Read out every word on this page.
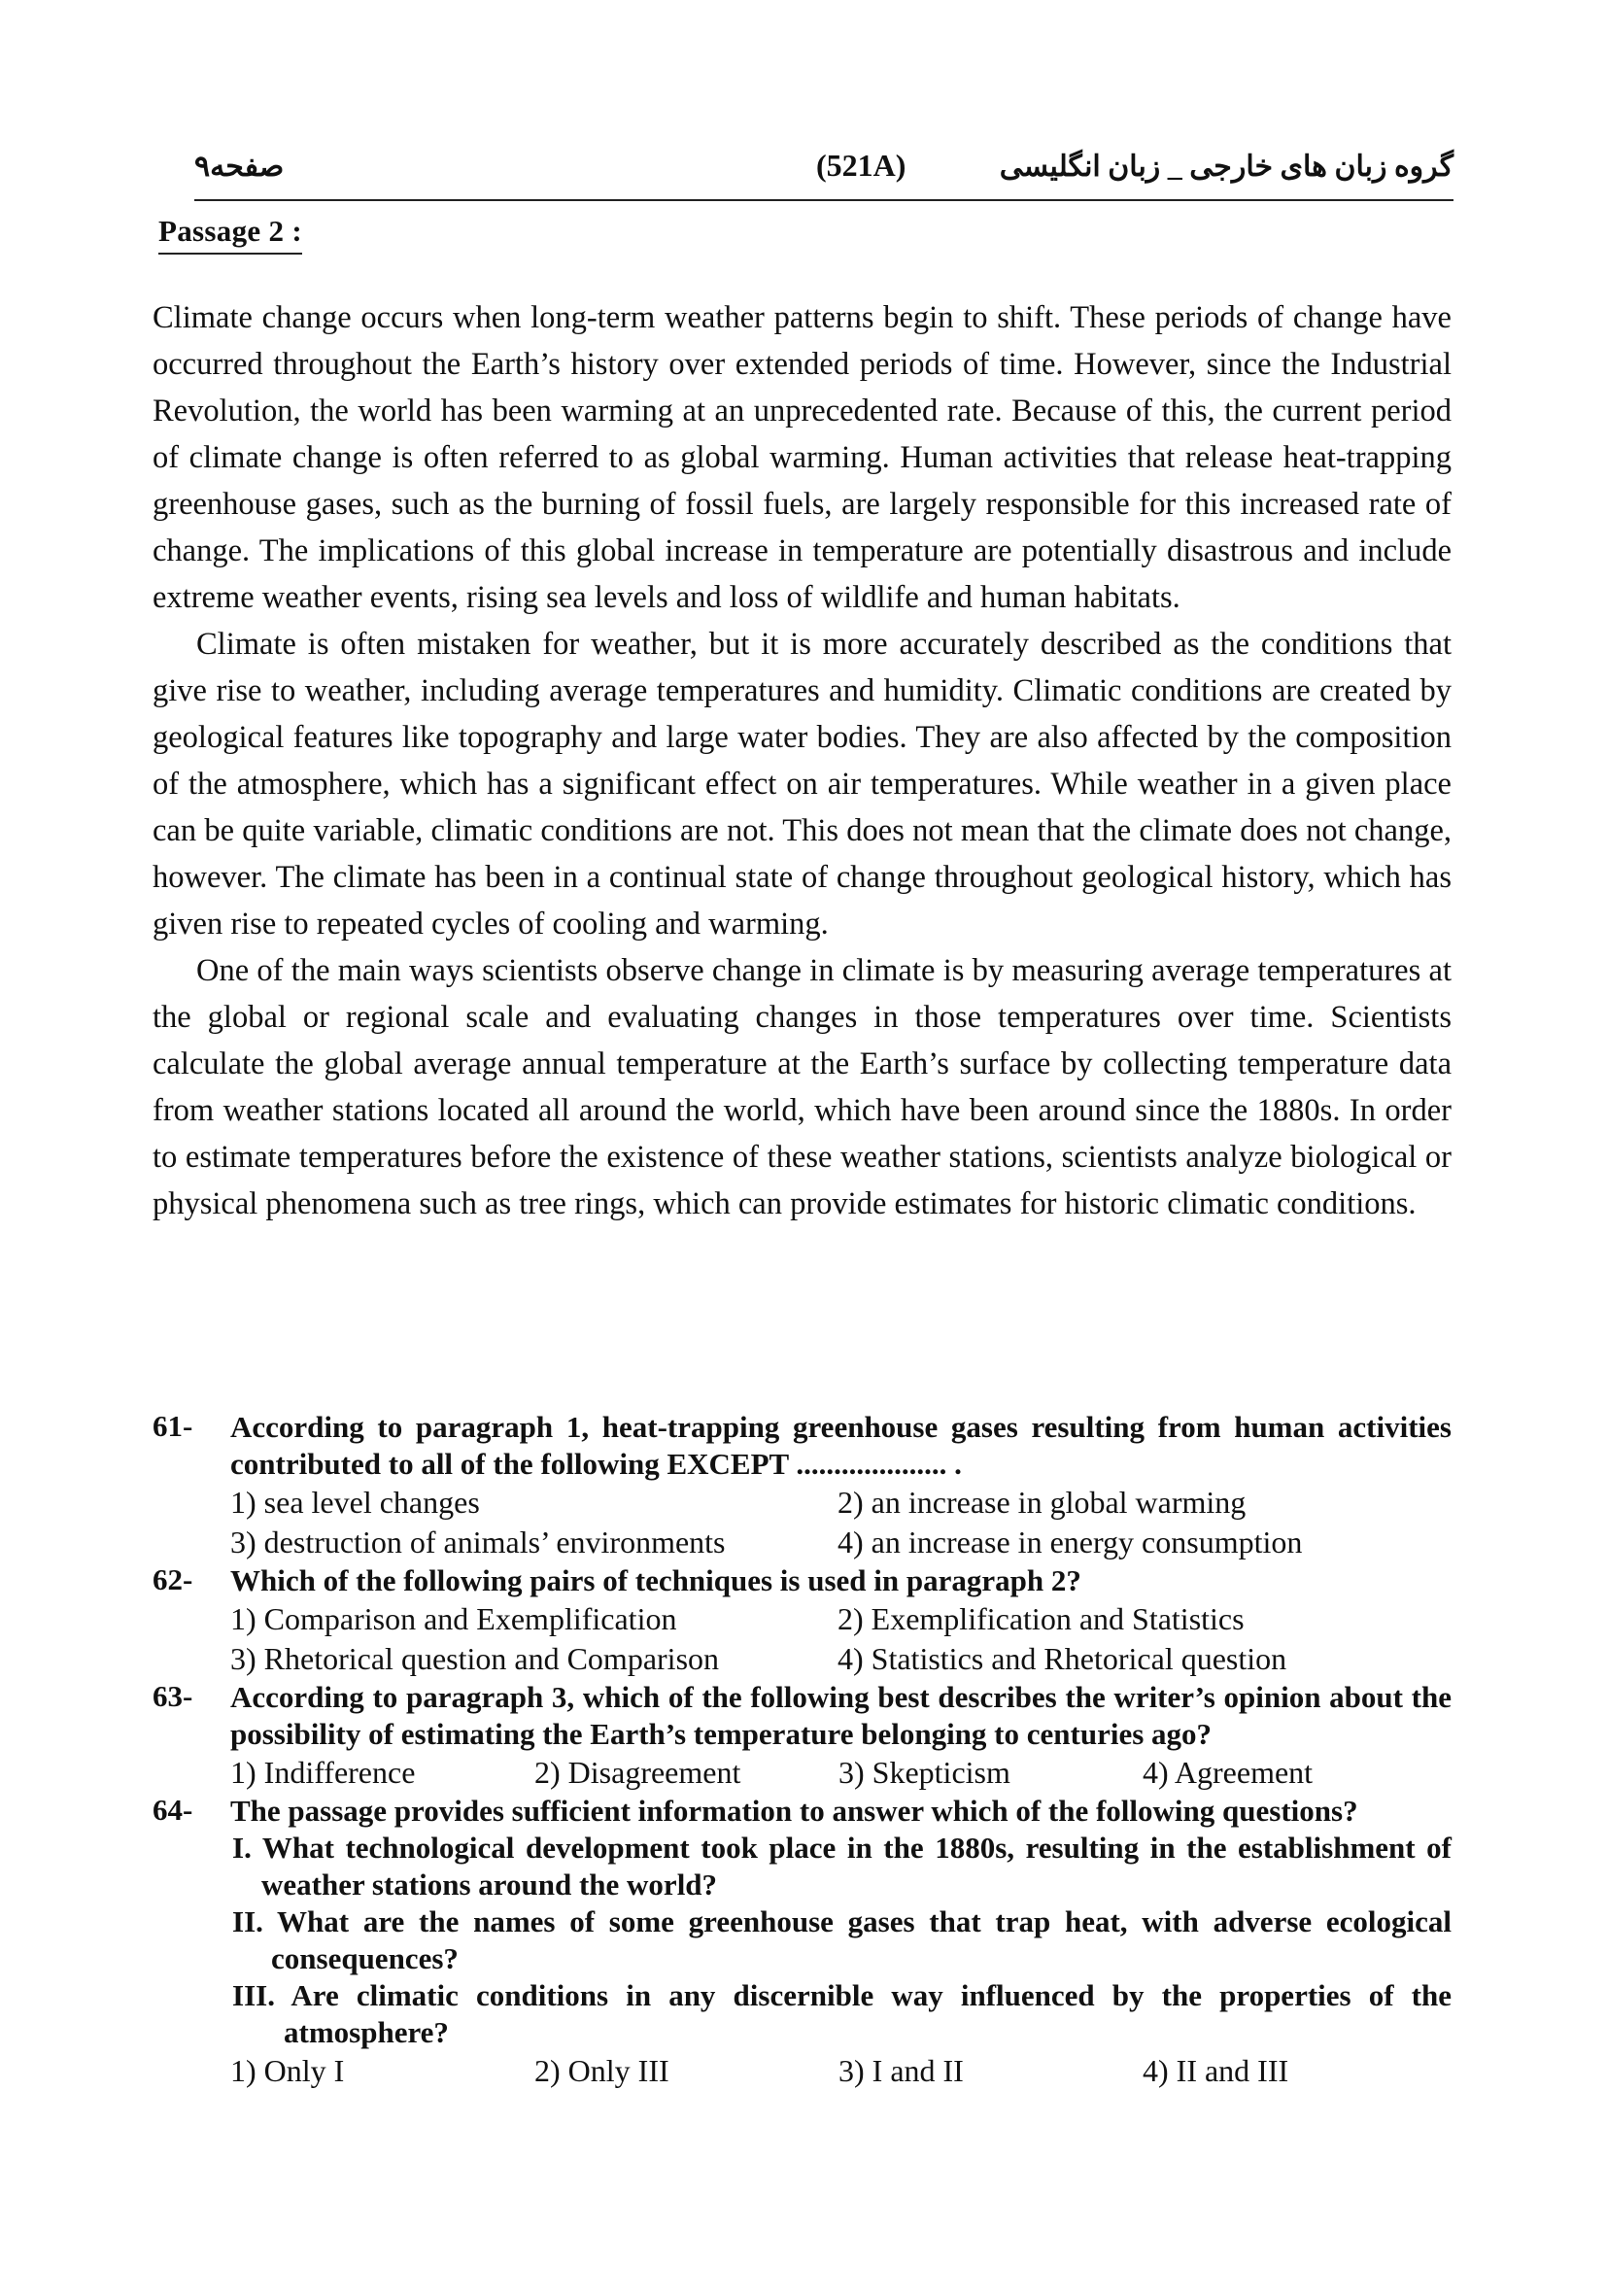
صفحه۹	(521A)	گروه زبان های خارجی _ زبان انگلیسی
Passage 2 :

Climate change occurs when long-term weather patterns begin to shift. These periods of change have occurred throughout the Earth’s history over extended periods of time. However, since the Industrial Revolution, the world has been warming at an unprecedented rate. Because of this, the current period of climate change is often referred to as global warming. Human activities that release heat-trapping greenhouse gases, such as the burning of fossil fuels, are largely responsible for this increased rate of change. The implications of this global increase in temperature are potentially disastrous and include extreme weather events, rising sea levels and loss of wildlife and human habitats.

Climate is often mistaken for weather, but it is more accurately described as the conditions that give rise to weather, including average temperatures and humidity. Climatic conditions are created by geological features like topography and large water bodies. They are also affected by the composition of the atmosphere, which has a significant effect on air temperatures. While weather in a given place can be quite variable, climatic conditions are not. This does not mean that the climate does not change, however. The climate has been in a continual state of change throughout geological history, which has given rise to repeated cycles of cooling and warming.

One of the main ways scientists observe change in climate is by measuring average temperatures at the global or regional scale and evaluating changes in those temperatures over time. Scientists calculate the global average annual temperature at the Earth’s surface by collecting temperature data from weather stations located all around the world, which have been around since the 1880s. In order to estimate temperatures before the existence of these weather stations, scientists analyze biological or physical phenomena such as tree rings, which can provide estimates for historic climatic conditions.

61- According to paragraph 1, heat-trapping greenhouse gases resulting from human activities contributed to all of the following EXCEPT .................... .
1) sea level changes	2) an increase in global warming
3) destruction of animals’ environments	4) an increase in energy consumption
62- Which of the following pairs of techniques is used in paragraph 2?
1) Comparison and Exemplification	2) Exemplification and Statistics
3) Rhetorical question and Comparison	4) Statistics and Rhetorical question
63- According to paragraph 3, which of the following best describes the writer’s opinion about the possibility of estimating the Earth’s temperature belonging to centuries ago?
1) Indifference	2) Disagreement	3) Skepticism	4) Agreement
64- The passage provides sufficient information to answer which of the following questions?
I. What technological development took place in the 1880s, resulting in the establishment of weather stations around the world?
II. What are the names of some greenhouse gases that trap heat, with adverse ecological consequences?
III. Are climatic conditions in any discernible way influenced by the properties of the atmosphere?
1) Only I	2) Only III	3) I and II	4) II and III
